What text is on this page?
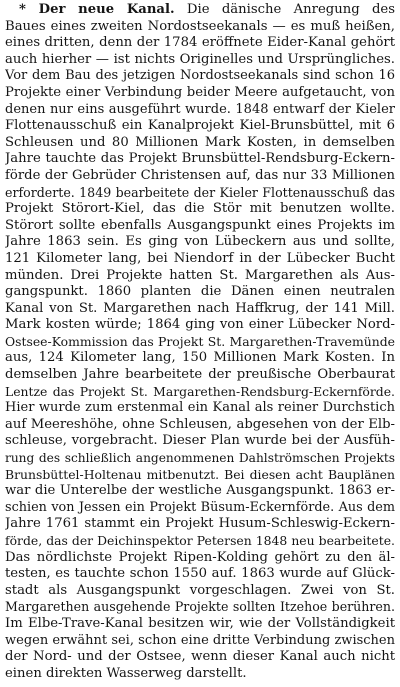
* Der neue Kanal. Die dänische Anregung des
Baues eines zweiten Nordostseekanals — es muß heißen,
eines dritten, denn der 1784 eröffnete Eider-Kanal gehört
auch hierher — ist nichts Originelles und Ursprüngliches.
Vor dem Bau des jetzigen Nordostseekanals sind schon 16
Projekte einer Verbindung beider Meere aufgetaucht, von
denen nur eins ausgeführt wurde. 1848 entwarf der Kieler
Flottenausschuß ein Kanalprojekt Kiel-Brunsbüttel, mit 6
Schleusen und 80 Millionen Mark Kosten, in demselben
Jahre tauchte das Projekt Brunsbüttel-Rendsburg-Eckern-
förde der Gebrüder Christensen auf, das nur 33 Millionen
erforderte. 1849 bearbeitete der Kieler Flottenausschuß das
Projekt Störort-Kiel, das die Stör mit benutzen wollte.
Störort sollte ebenfalls Ausgangspunkt eines Projekts im
Jahre 1863 sein. Es ging von Lübeckern aus und sollte,
121 Kilometer lang, bei Niendorf in der Lübecker Bucht
münden. Drei Projekte hatten St. Margarethen als Aus-
gangspunkt. 1860 planten die Dänen einen neutralen
Kanal von St. Margarethen nach Haffkrug, der 141 Mill.
Mark kosten würde; 1864 ging von einer Lübecker Nord-
Ostsee-Kommission das Projekt St. Margarethen-Travemünde
aus, 124 Kilometer lang, 150 Millionen Mark Kosten. In
demselben Jahre bearbeitete der preußische Oberbaurat
Lentze das Projekt St. Margarethen-Rendsburg-Eckernförde.
Hier wurde zum erstenmal ein Kanal als reiner Durchstich
auf Meereshöhe, ohne Schleusen, abgesehen von der Elb-
schleuse, vorgebracht. Dieser Plan wurde bei der Ausfüh-
rung des schließlich angenommenen Dahlströmschen Projekts
Brunsbüttel-Holtenau mitbenutzt. Bei diesen acht Bauplänen
war die Unterelbe der westliche Ausgangspunkt. 1863 er-
schien von Jessen ein Projekt Büsum-Eckernförde. Aus dem
Jahre 1761 stammt ein Projekt Husum-Schleswig-Eckern-
förde, das der Deichinspektor Petersen 1848 neu bearbeitete.
Das nördlichste Projekt Ripen-Kolding gehört zu den äl-
testen, es tauchte schon 1550 auf. 1863 wurde auf Glück-
stadt als Ausgangspunkt vorgeschlagen. Zwei von St.
Margarethen ausgehende Projekte sollten Itzehoe berühren.
Im Elbe-Trave-Kanal besitzen wir, wie der Vollständigkeit
wegen erwähnt sei, schon eine dritte Verbindung zwischen
der Nord- und der Ostsee, wenn dieser Kanal auch nicht
einen direkten Wasserweg darstellt.
